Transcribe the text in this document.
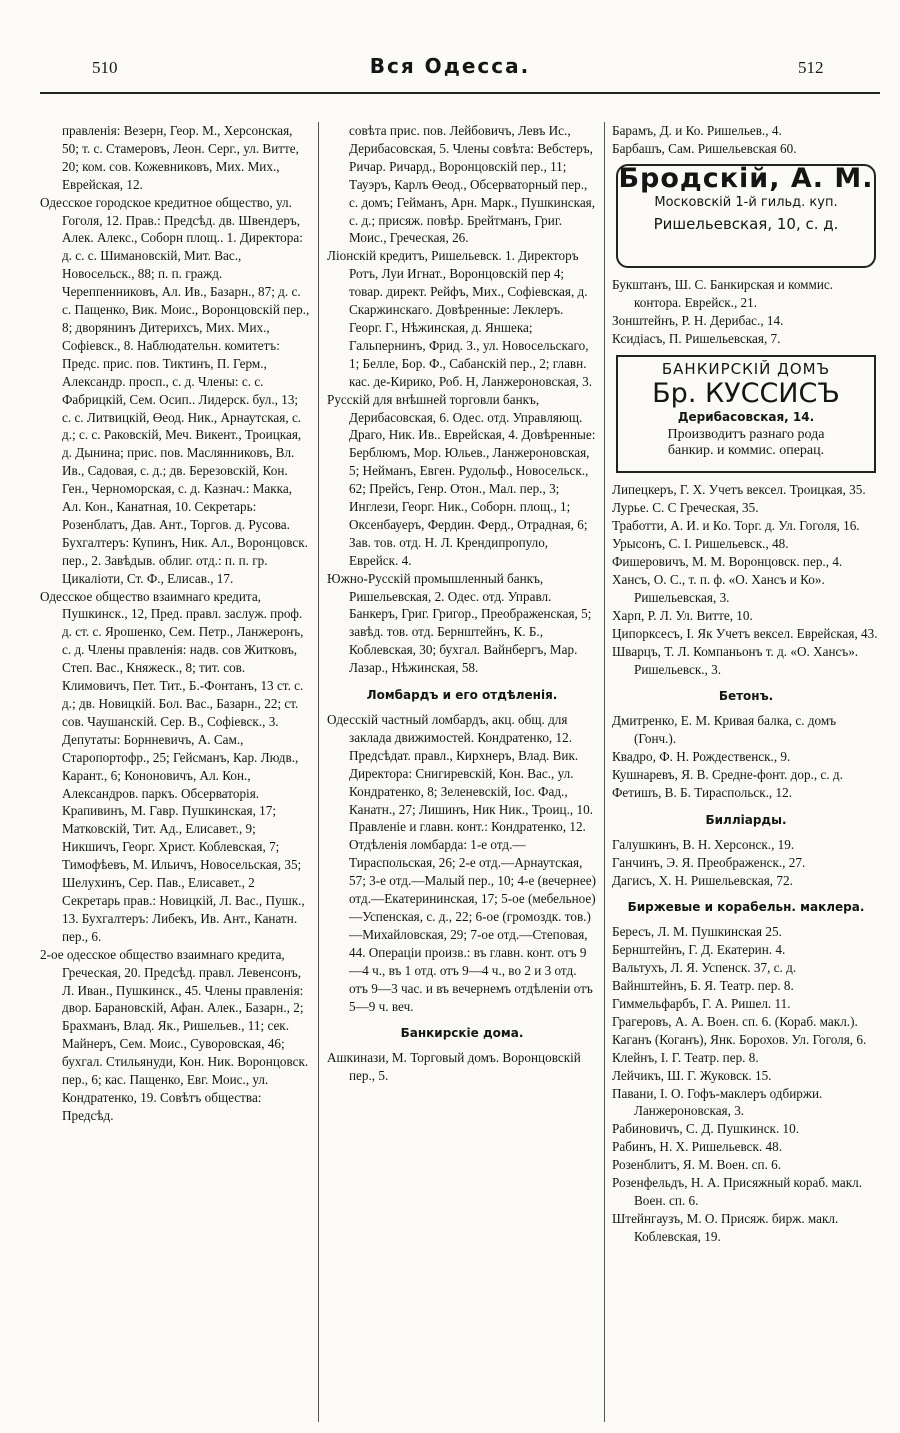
510	Вся Одесса.	512

правленія: Везерн, Геор. М., Херсонская, 50; т. с. Стамеровъ, Леон. Серг., ул. Витте, 20; ком. сов. Кожевниковъ, Мих. Мих., Еврейская, 12.

Одесское городское кредитное общество, ул. Гоголя, 12. Прав.: Предсѣд. дв. Швендеръ, Алек. Алекс., Соборн площ.. 1. Директора: д. с. с. Шимановскій, Мит. Вас., Новосельск., 88; п. п. гражд. Череппенниковъ, Ал. Ив., Базарн., 87; д. с. с. Пащенко, Вик. Моис., Воронцовскій пер., 8; дворянинъ Дитерихсъ, Мих. Мих., Софіевск., 8. Наблюдательн. комитетъ: Предс. прис. пов. Тиктинъ, П. Герм., Александр. просп., с. д. Члены: с. с. Фабрицкій, Сем. Осип.. Лидерск. бул., 13; с. с. Литвицкій, Өеод. Ник., Арнаутская, с. д.; с. с. Раковскій, Меч. Викент., Троицкая, д. Дынина; прис. пов. Маслянниковъ, Вл. Ив., Садовая, с. д.; дв. Березовскій, Кон. Ген., Черноморская, с. д. Казнач.: Макка, Ал. Кон., Канатная, 10. Секретарь: Розенблатъ, Дав. Ант., Торгов. д. Русова. Бухгалтеръ: Купинъ, Ник. Ал., Воронцовск. пер., 2. Завѣдыв. облиг. отд.: п. п. гр. Цикаліоти, Ст. Ф., Елисав., 17.

Одесское общество взаимнаго кредита, Пушкинск., 12, Пред. правл. заслуж. проф. д. ст. с. Ярошенко, Сем. Петр., Ланжеронъ, с. д. Члены правленія: надв. сов Житковъ, Степ. Вас., Княжеск., 8; тит. сов. Климовичъ, Пет. Тит., Б.-Фонтанъ, 13 ст. с. д.; дв. Новицкій. Бол. Вас., Базарн., 22; ст. сов. Чаушанскій. Сер. В., Софіевск., 3. Депутаты: Борнневичъ, А. Сам., Старопортофр., 25; Гейсманъ, Кар. Людв., Карант., 6; Кононовичъ, Ал. Кон., Александров. паркъ. Обсерваторія. Крапивинъ, М. Гавр. Пушкинская, 17; Матковскій, Тит. Ад., Елисавет., 9; Никшичъ, Георг. Христ. Коблевская, 7; Тимофѣевъ, М. Ильичъ, Новосельская, 35; Шелухинъ, Сер. Пав., Елисавет., 2 Секретарь прав.: Новицкій, Л. Вас., Пушк., 13. Бухгалтеръ: Либекъ, Ив. Ант., Канатн. пер., 6.

2-ое одесское общество взаимнаго кредита, Греческая, 20. Предсѣд. правл. Левенсонъ, Л. Иван., Пушкинск., 45. Члены правленія: двор. Барановскій, Афан. Алек., Базарн., 2; Брахманъ, Влад. Як., Ришельев., 11; сек. Майнеръ, Сем. Моис., Суворовская, 46; бухгал. Стильянуди, Кон. Ник. Воронцовск. пер., 6; кас. Пащенко, Евг. Моис., ул. Кондратенко, 19. Совѣтъ общества: Предсѣд.

совѣта прис. пов. Лейбовичъ, Левъ Ис., Дерибасовская, 5. Члены совѣта: Вебстеръ, Ричар. Ричард., Воронцовскій пер., 11; Тауэръ, Карлъ Өеод., Обсерваторный пер., с. домъ; Гейманъ, Арн. Марк., Пушкинская, с. д.; присяж. повѣр. Брейтманъ, Григ. Моис., Греческая, 26.

Ліонскій кредитъ, Ришельевск. 1. Директоръ Ротъ, Луи Игнат., Воронцовскій пер 4; товар. директ. Рейфъ, Мих., Софіевская, д. Скаржинскаго. Довѣренные: Леклеръ. Георг. Г., Нѣжинская, д. Яншека; Гальпернинъ, Фрид. З., ул. Новосельскаго, 1; Белле, Бор. Ф., Сабанскій пер., 2; главн. кас. де-Кирико, Роб. Н, Ланжероновская, 3.

Русскій для внѣшней торговли банкъ, Дерибасовская, 6. Одес. отд. Управляющ. Драго, Ник. Ив.. Еврейская, 4. Довѣренные: Берблюмъ, Мор. Юльев., Ланжероновская, 5; Нейманъ, Евген. Рудольф., Новосельск., 62; Прейсъ, Генр. Отон., Мал. пер., 3; Инглези, Георг. Ник., Соборн. площ., 1; Оксенбауеръ, Фердин. Ферд., Отрадная, 6; Зав. тов. отд. Н. Л. Крендипропуло, Еврейск. 4.

Южно-Русскій промышленный банкъ, Ришельевская, 2. Одес. отд. Управл. Банкеръ, Григ. Григор., Преображенская, 5; завѣд. тов. отд. Бернштейнъ, К. Б., Коблевская, 30; бухгал. Вайнбергъ, Мар. Лазар., Нѣжинская, 58.

Ломбардъ и его отдѣленія.

Одесскій частный ломбардъ, акц. общ. для заклада движимостей. Кондратенко, 12. Предсѣдат. правл., Кирхнеръ, Влад. Вик. Директора: Снигиревскій, Кон. Вас., ул. Кондратенко, 8; Зеленевскій, Іос. Фад., Канатн., 27; Лишинъ, Ник Ник., Троиц., 10. Правленіе и главн. конт.: Кондратенко, 12. Отдѣленія ломбарда: 1-е отд.—Тираспольская, 26; 2-е отд.—Арнаутская, 57; 3-е отд.—Малый пер., 10; 4-е (вечернее) отд.—Екатерининская, 17; 5-ое (мебельное)—Успенская, с. д., 22; 6-ое (громоздк. тов.)—Михайловская, 29; 7-ое отд.—Степовая, 44. Операціи произв.: въ главн. конт. отъ 9—4 ч., въ 1 отд. отъ 9—4 ч., во 2 и 3 отд. отъ 9—3 час. и въ вечернемъ отдѣленіи отъ 5—9 ч. веч.

Банкирскіе дома.

Ашкинази, М. Торговый домъ. Воронцовскій пер., 5.

Барамъ, Д. и Ко. Ришельев., 4.

Барбашъ, Сам. Ришельевская 60.

Бродскій, А. М.
Московскій 1-й гильд. куп.
Ришельевская, 10, с. д.

Букштанъ, Ш. С. Банкирская и коммис. контора. Еврейск., 21.

Зонштейнъ, Р. Н. Дерибас., 14.

Ксидіасъ, П. Ришельевская, 7.

БАНКИРСКІЙ ДОМЪ
Бр. КУССИСЪ
Дерибасовская, 14.
Производитъ разнаго рода
банкир. и коммис. операц.

Липецкеръ, Г. Х. Учетъ вексел. Троицкая, 35.

Лурье. С. С Греческая, 35.

Тработти, А. И. и Ко. Торг. д. Ул. Гоголя, 16.

Урысонъ, С. І. Ришельевск., 48.

Фишеровичъ, М. М. Воронцовск. пер., 4.

Хансъ, О. С., т. п. ф. «О. Хансъ и Ко». Ришельевская, 3.

Харп, Р. Л. Ул. Витте, 10.

Ципорксесъ, І. Як Учетъ вексел. Еврейская, 43.

Шварцъ, Т. Л. Компаньонъ т. д. «О. Хансъ». Ришельевск., 3.

Бетонъ.

Дмитренко, Е. М. Кривая балка, с. домъ (Гонч.).

Квадро, Ф. Н. Рождественск., 9.

Кушнаревъ, Я. В. Средне-фонт. дор., с. д.

Фетишъ, В. Б. Тираспольск., 12.

Билліарды.

Галушкинъ, В. Н. Херсонск., 19.

Ганчинъ, Э. Я. Преображенск., 27.

Дагисъ, Х. Н. Ришельевская, 72.

Биржевые и корабельн. маклера.

Бересъ, Л. М. Пушкинская 25.

Бернштейнъ, Г. Д. Екатерин. 4.

Вальтухъ, Л. Я. Успенск. 37, с. д.

Вайнштейнъ, Б. Я. Театр. пер. 8.

Гиммельфарбъ, Г. А. Ришел. 11.

Грагеровъ, А. А. Воен. сп. 6. (Кораб. макл.).

Каганъ (Коганъ), Янк. Борохов. Ул. Гоголя, 6.

Клейнъ, І. Г. Театр. пер. 8.

Лейчикъ, Ш. Г. Жуковск. 15.

Павани, І. О. Гофъ-маклеръ одбиржи. Ланжероновская, 3.

Рабиновичъ, С. Д. Пушкинск. 10.

Рабинъ, Н. Х. Ришельевск. 48.

Розенблитъ, Я. М. Воен. сп. 6.

Розенфельдъ, Н. А. Присяжный кораб. макл. Воен. сп. 6.

Штейнгаузъ, М. О. Присяж. бирж. макл. Коблевская, 19.
